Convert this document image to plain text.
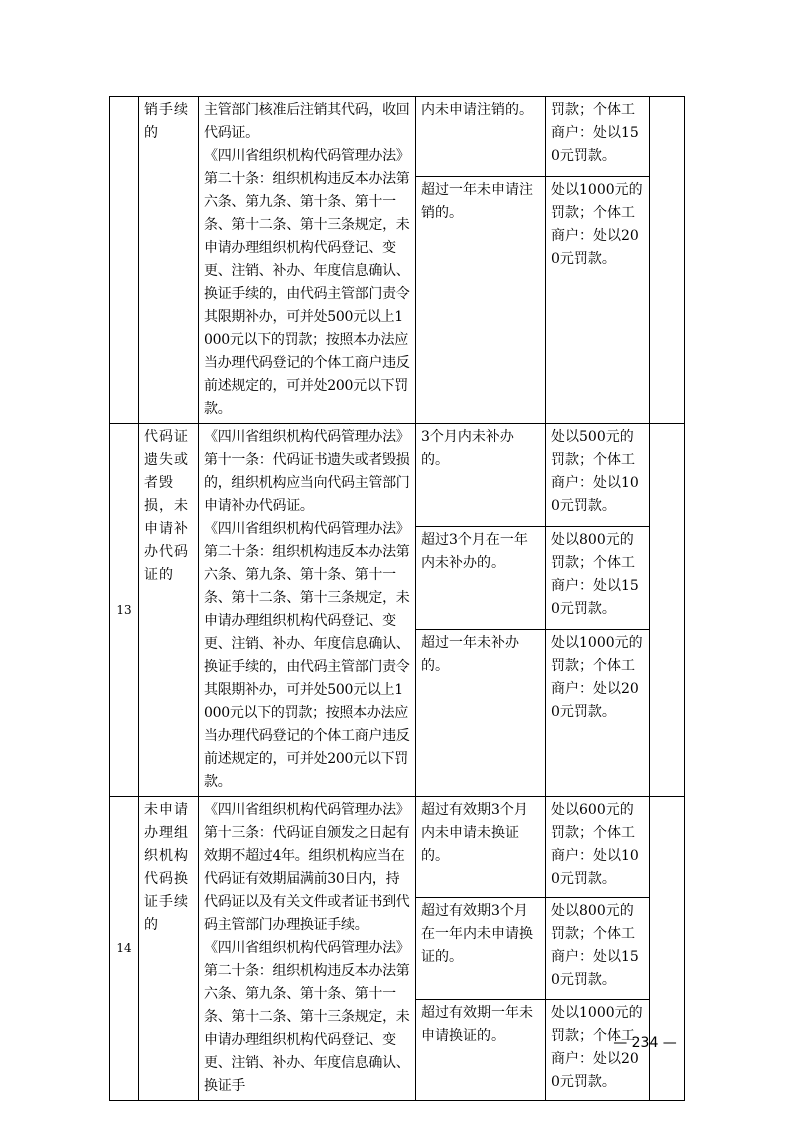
	销手续的	主管部门核准后注销其代码，收回代码证。
《四川省组织机构代码管理办法》第二十条：组织机构违反本办法第六条、第九条、第十条、第十一条、第十二条、第十三条规定，未申请办理组织机构代码登记、变更、注销、补办、年度信息确认、换证手续的，由代码主管部门责令其限期补办，可并处500元以上1000元以下的罚款；按照本办法应当办理代码登记的个体工商户违反前述规定的，可并处200元以下罚款。	内未申请注销的。	罚款；个体工商户：处以150元罚款。	
			超过一年未申请注销的。	处以1000元的罚款；个体工商户：处以200元罚款。	
13	代码证遗失或者毁损，未申请补办代码证的	《四川省组织机构代码管理办法》第十一条：代码证书遗失或者毁损的，组织机构应当向代码主管部门申请补办代码证。
《四川省组织机构代码管理办法》第二十条：组织机构违反本办法第六条、第九条、第十条、第十一条、第十二条、第十三条规定，未申请办理组织机构代码登记、变更、注销、补办、年度信息确认、换证手续的，由代码主管部门责令其限期补办，可并处500元以上1000元以下的罚款；按照本办法应当办理代码登记的个体工商户违反前述规定的，可并处200元以下罚款。	3个月内未补办的。	处以500元的罚款；个体工商户：处以100元罚款。	
			超过3个月在一年内未补办的。	处以800元的罚款；个体工商户：处以150元罚款。	
			超过一年未补办的。	处以1000元的罚款；个体工商户：处以200元罚款。	
14	未申请办理组织机构代码换证手续的	《四川省组织机构代码管理办法》第十三条：代码证自颁发之日起有效期不超过4年。组织机构应当在代码证有效期届满前30日内，持代码证以及有关文件或者证书到代码主管部门办理换证手续。
《四川省组织机构代码管理办法》第二十条：组织机构违反本办法第六条、第九条、第十条、第十一条、第十二条、第十三条规定，未申请办理组织机构代码登记、变更、注销、补办、年度信息确认、换证手	超过有效期3个月内未申请未换证的。	处以600元的罚款；个体工商户：处以100元罚款。	
			超过有效期3个月在一年内未申请换证的。	处以800元的罚款；个体工商户：处以150元罚款。	
			超过有效期一年未申请换证的。	处以1000元的罚款；个体工商户：处以200元罚款。	
— 234 —
